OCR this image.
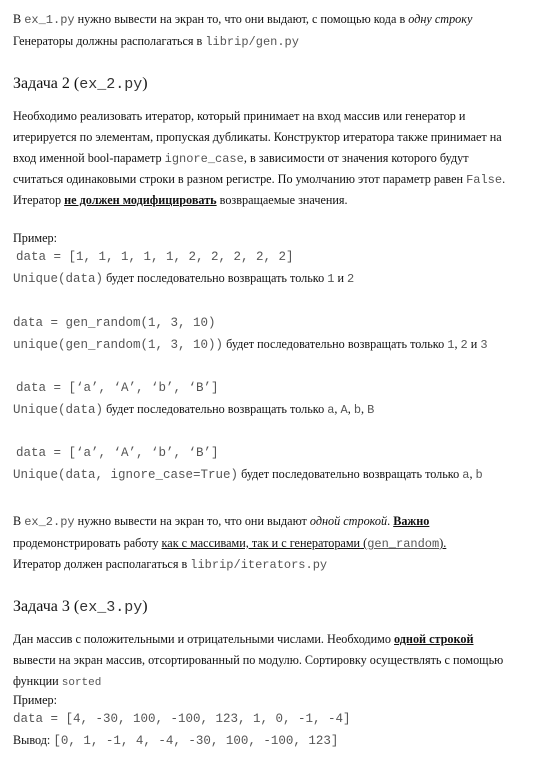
В ex_1.py нужно вывести на экран то, что они выдают, с помощью кода в одну строку
Генераторы должны располагаться в librip/gen.py
Задача 2 (ex_2.py)
Необходимо реализовать итератор, который принимает на вход массив или генератор и
итерируется по элементам, пропуская дубликаты. Конструктор итератора также принимает на
вход именной bool-параметр ignore_case, в зависимости от значения которого будут
считаться одинаковыми строки в разном регистре. По умолчанию этот параметр равен False.
Итератор не должен модифицировать возвращаемые значения.
Пример:
data = [1, 1, 1, 1, 1, 2, 2, 2, 2, 2]
Unique(data) будет последовательно возвращать только 1 и 2
data = gen_random(1, 3, 10)
unique(gen_random(1, 3, 10)) будет последовательно возвращать только 1, 2 и 3
data = [‘a’, ‘A’, ‘b’, ‘B’]
Unique(data) будет последовательно возвращать только a, A, b, B
data = [‘a’, ‘A’, ‘b’, ‘B’]
Unique(data, ignore_case=True) будет последовательно возвращать только a, b
В ex_2.py нужно вывести на экран то, что они выдают одной строкой. Важно
продемонстрировать работу как с массивами, так и с генераторами (gen_random).
Итератор должен располагаться в librip/iterators.py
Задача 3 (ex_3.py)
Дан массив с положительными и отрицательными числами. Необходимо одной строкой
вывести на экран массив, отсортированный по модулю. Сортировку осуществлять с помощью
функции sorted
Пример:
data = [4, -30, 100, -100, 123, 1, 0, -1, -4]
Вывод: [0, 1, -1, 4, -4, -30, 100, -100, 123]
